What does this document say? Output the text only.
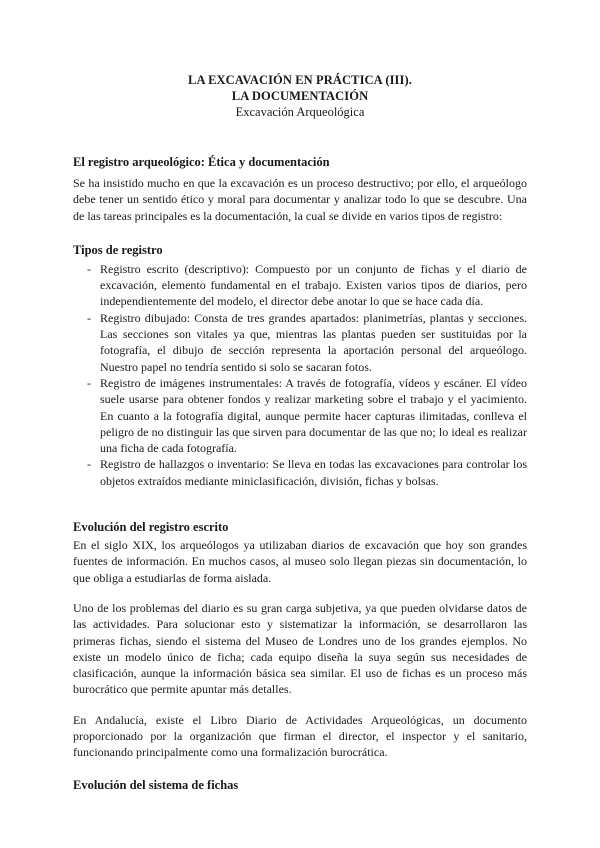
LA EXCAVACIÓN EN PRÁCTICA (III).
LA DOCUMENTACIÓN
Excavación Arqueológica
El registro arqueológico: Ética y documentación

Se ha insistido mucho en que la excavación es un proceso destructivo; por ello, el arqueólogo debe tener un sentido ético y moral para documentar y analizar todo lo que se descubre. Una de las tareas principales es la documentación, la cual se divide en varios tipos de registro:

Tipos de registro
- Registro escrito (descriptivo): Compuesto por un conjunto de fichas y el diario de excavación, elemento fundamental en el trabajo. Existen varios tipos de diarios, pero independientemente del modelo, el director debe anotar lo que se hace cada día.
- Registro dibujado: Consta de tres grandes apartados: planimetrías, plantas y secciones. Las secciones son vitales ya que, mientras las plantas pueden ser sustituidas por la fotografía, el dibujo de sección representa la aportación personal del arqueólogo. Nuestro papel no tendría sentido si solo se sacaran fotos.
- Registro de imágenes instrumentales: A través de fotografía, vídeos y escáner. El vídeo suele usarse para obtener fondos y realizar marketing sobre el trabajo y el yacimiento. En cuanto a la fotografía digital, aunque permite hacer capturas ilimitadas, conlleva el peligro de no distinguir las que sirven para documentar de las que no; lo ideal es realizar una ficha de cada fotografía.
- Registro de hallazgos o inventario: Se lleva en todas las excavaciones para controlar los objetos extraídos mediante miniclasificación, división, fichas y bolsas.
Evolución del registro escrito

En el siglo XIX, los arqueólogos ya utilizaban diarios de excavación que hoy son grandes fuentes de información. En muchos casos, al museo solo llegan piezas sin documentación, lo que obliga a estudiarlas de forma aislada.

Uno de los problemas del diario es su gran carga subjetiva, ya que pueden olvidarse datos de las actividades. Para solucionar esto y sistematizar la información, se desarrollaron las primeras fichas, siendo el sistema del Museo de Londres uno de los grandes ejemplos. No existe un modelo único de ficha; cada equipo diseña la suya según sus necesidades de clasificación, aunque la información básica sea similar. El uso de fichas es un proceso más burocrático que permite apuntar más detalles.

En Andalucía, existe el Libro Diario de Actividades Arqueológicas, un documento proporcionado por la organización que firman el director, el inspector y el sanitario, funcionando principalmente como una formalización burocrática.

Evolución del sistema de fichas
